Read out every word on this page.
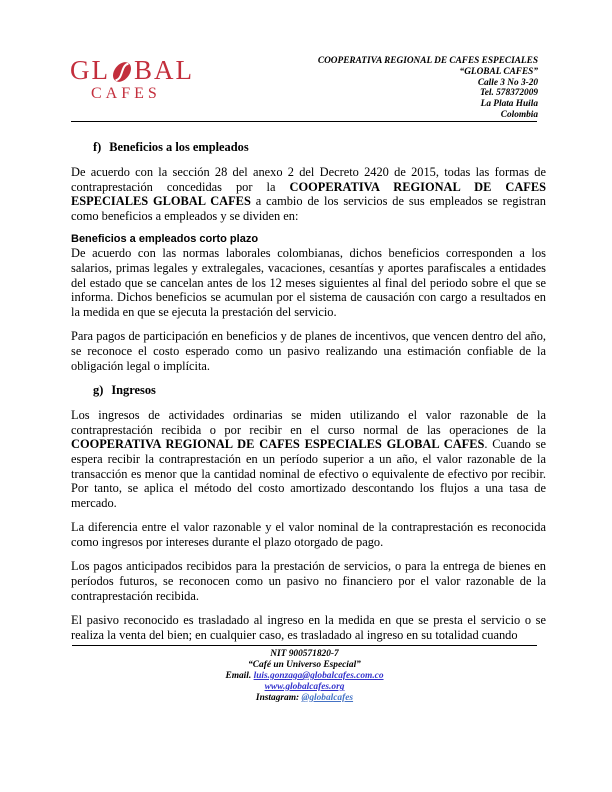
GL BAL
CAFES
COOPERATIVA REGIONAL DE CAFES ESPECIALES
“GLOBAL CAFES”
Calle 3 No 3-20
Tel. 578372009
La Plata Huila
Colombia
f) Beneficios a los empleados

De acuerdo con la sección 28 del anexo 2 del Decreto 2420 de 2015, todas las formas de contraprestación concedidas por la COOPERATIVA REGIONAL DE CAFES ESPECIALES GLOBAL CAFES a cambio de los servicios de sus empleados se registran como beneficios a empleados y se dividen en:

Beneficios a empleados corto plazo

De acuerdo con las normas laborales colombianas, dichos beneficios corresponden a los salarios, primas legales y extralegales, vacaciones, cesantías y aportes parafiscales a entidades del estado que se cancelan antes de los 12 meses siguientes al final del periodo sobre el que se informa. Dichos beneficios se acumulan por el sistema de causación con cargo a resultados en la medida en que se ejecuta la prestación del servicio.

Para pagos de participación en beneficios y de planes de incentivos, que vencen dentro del año, se reconoce el costo esperado como un pasivo realizando una estimación confiable de la obligación legal o implícita.

g) Ingresos

Los ingresos de actividades ordinarias se miden utilizando el valor razonable de la contraprestación recibida o por recibir en el curso normal de las operaciones de la COOPERATIVA REGIONAL DE CAFES ESPECIALES GLOBAL CAFES. Cuando se espera recibir la contraprestación en un período superior a un año, el valor razonable de la transacción es menor que la cantidad nominal de efectivo o equivalente de efectivo por recibir. Por tanto, se aplica el método del costo amortizado descontando los flujos a una tasa de mercado.

La diferencia entre el valor razonable y el valor nominal de la contraprestación es reconocida como ingresos por intereses durante el plazo otorgado de pago.

Los pagos anticipados recibidos para la prestación de servicios, o para la entrega de bienes en períodos futuros, se reconocen como un pasivo no financiero por el valor razonable de la contraprestación recibida.

El pasivo reconocido es trasladado al ingreso en la medida en que se presta el servicio o se realiza la venta del bien; en cualquier caso, es trasladado al ingreso en su totalidad cuando

NIT 900571820-7
“Café un Universo Especial”
Email. luis.gonzaga@globalcafes.com.co
www.globalcafes.org
Instagram: @globalcafes
